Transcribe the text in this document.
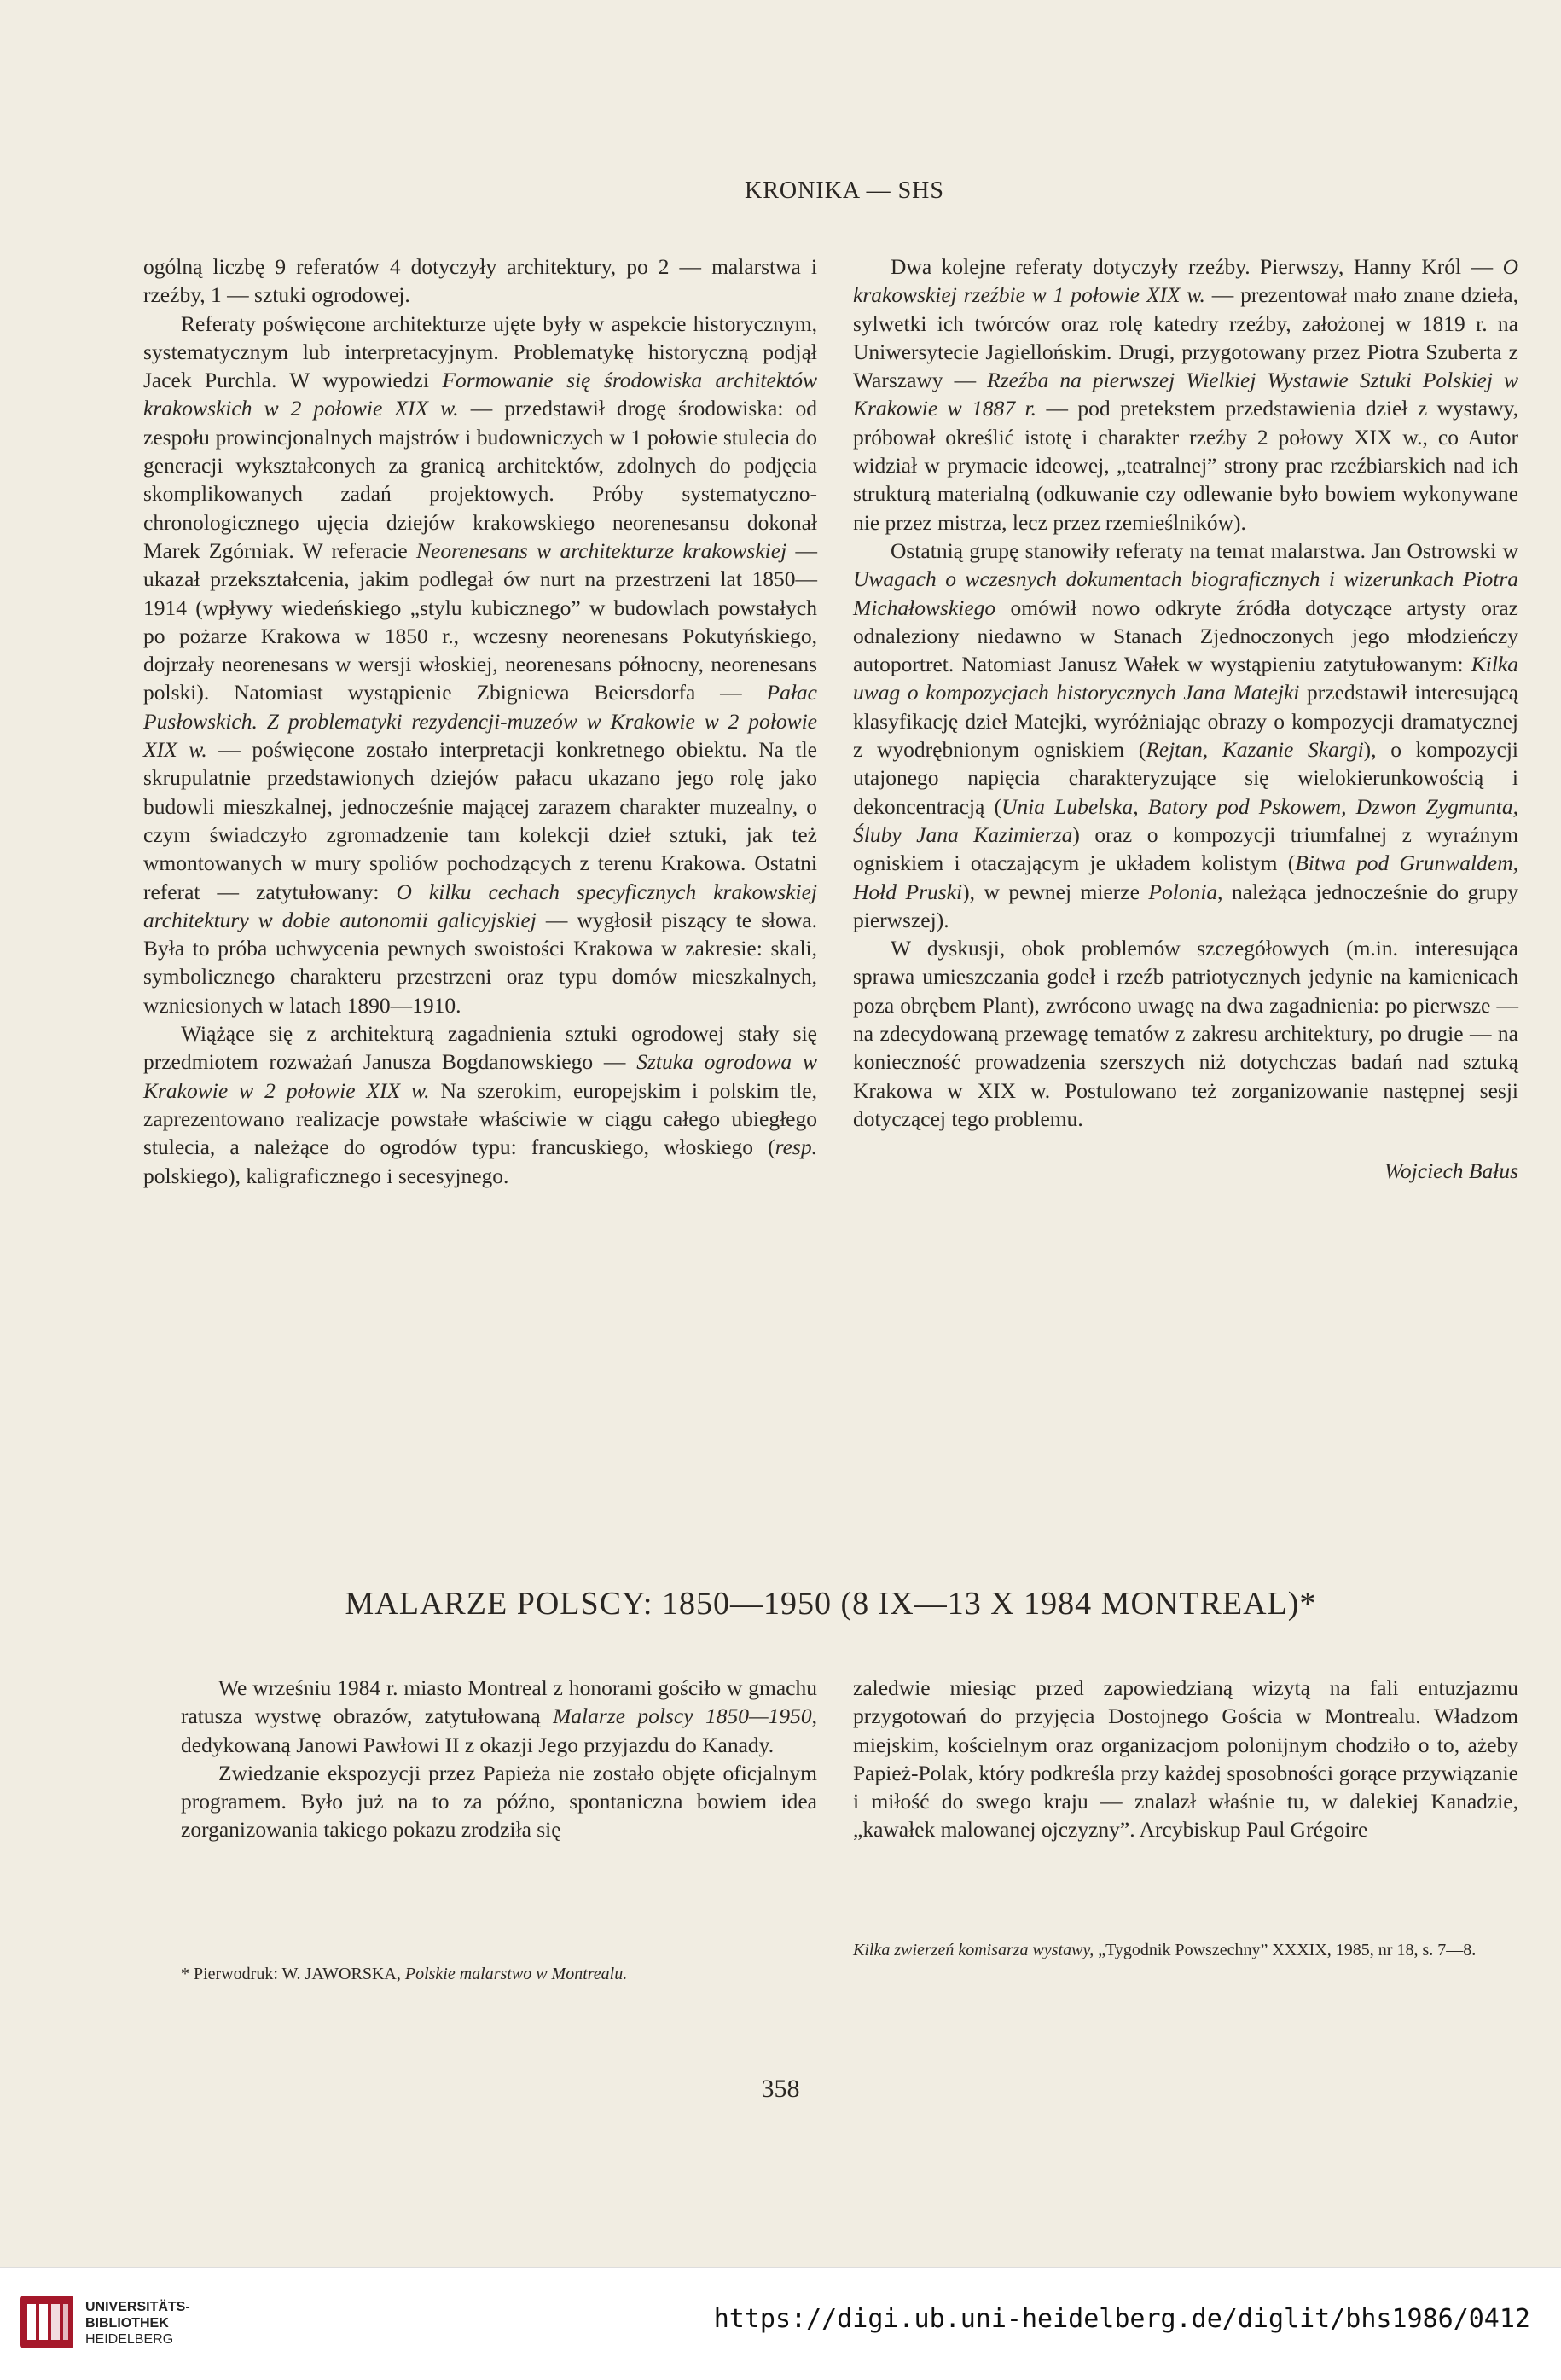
KRONIKA — SHS

ogólną liczbę 9 referatów 4 dotyczyły architektury, po 2 — malarstwa i rzeźby, 1 — sztuki ogrodowej.

Referaty poświęcone architekturze ujęte były w aspekcie historycznym, systematycznym lub interpretacyjnym. Problematykę historyczną podjął Jacek Purchla. W wypowiedzi Formowanie się środowiska architektów krakowskich w 2 połowie XIX w. — przedstawił drogę środowiska: od zespołu prowincjonalnych majstrów i budowniczych w 1 połowie stulecia do generacji wykształconych za granicą architektów, zdolnych do podjęcia skomplikowanych zadań projektowych. Próby systematyczno-chronologicznego ujęcia dziejów krakowskiego neorenesansu dokonał Marek Zgórniak. W referacie Neorenesans w architekturze krakowskiej — ukazał przekształcenia, jakim podlegał ów nurt na przestrzeni lat 1850—1914 (wpływy wiedeńskiego „stylu kubicznego” w budowlach powstałych po pożarze Krakowa w 1850 r., wczesny neorenesans Pokutyńskiego, dojrzały neorenesans w wersji włoskiej, neorenesans północny, neorenesans polski). Natomiast wystąpienie Zbigniewa Beiersdorfa — Pałac Pusłowskich. Z problematyki rezydencji-muzeów w Krakowie w 2 połowie XIX w. — poświęcone zostało interpretacji konkretnego obiektu. Na tle skrupulatnie przedstawionych dziejów pałacu ukazano jego rolę jako budowli mieszkalnej, jednocześnie mającej zarazem charakter muzealny, o czym świadczyło zgromadzenie tam kolekcji dzieł sztuki, jak też wmontowanych w mury spoliów pochodzących z terenu Krakowa. Ostatni referat — zatytułowany: O kilku cechach specyficznych krakowskiej architektury w dobie autonomii galicyjskiej — wygłosił piszący te słowa. Była to próba uchwycenia pewnych swoistości Krakowa w zakresie: skali, symbolicznego charakteru przestrzeni oraz typu domów mieszkalnych, wzniesionych w latach 1890—1910.

Wiążące się z architekturą zagadnienia sztuki ogrodowej stały się przedmiotem rozważań Janusza Bogdanowskiego — Sztuka ogrodowa w Krakowie w 2 połowie XIX w. Na szerokim, europejskim i polskim tle, zaprezentowano realizacje powstałe właściwie w ciągu całego ubiegłego stulecia, a należące do ogrodów typu: francuskiego, włoskiego (resp. polskiego), kaligraficznego i secesyjnego.

Dwa kolejne referaty dotyczyły rzeźby. Pierwszy, Hanny Król — O krakowskiej rzeźbie w 1 połowie XIX w. — prezentował mało znane dzieła, sylwetki ich twórców oraz rolę katedry rzeźby, założonej w 1819 r. na Uniwersytecie Jagiellońskim. Drugi, przygotowany przez Piotra Szuberta z Warszawy — Rzeźba na pierwszej Wielkiej Wystawie Sztuki Polskiej w Krakowie w 1887 r. — pod pretekstem przedstawienia dzieł z wystawy, próbował określić istotę i charakter rzeźby 2 połowy XIX w., co Autor widział w prymacie ideowej, „teatralnej” strony prac rzeźbiarskich nad ich strukturą materialną (odkuwanie czy odlewanie było bowiem wykonywane nie przez mistrza, lecz przez rzemieślników).

Ostatnią grupę stanowiły referaty na temat malarstwa. Jan Ostrowski w Uwagach o wczesnych dokumentach biograficznych i wizerunkach Piotra Michałowskiego omówił nowo odkryte źródła dotyczące artysty oraz odnaleziony niedawno w Stanach Zjednoczonych jego młodzieńczy autoportret. Natomiast Janusz Wałek w wystąpieniu zatytułowanym: Kilka uwag o kompozycjach historycznych Jana Matejki przedstawił interesującą klasyfikację dzieł Matejki, wyróżniając obrazy o kompozycji dramatycznej z wyodrębnionym ogniskiem (Rejtan, Kazanie Skargi), o kompozycji utajonego napięcia charakteryzujące się wielokierunkowością i dekoncentracją (Unia Lubelska, Batory pod Pskowem, Dzwon Zygmunta, Śluby Jana Kazimierza) oraz o kompozycji triumfalnej z wyraźnym ogniskiem i otaczającym je układem kolistym (Bitwa pod Grunwaldem, Hołd Pruski), w pewnej mierze Polonia, należąca jednocześnie do grupy pierwszej).

W dyskusji, obok problemów szczegółowych (m.in. interesująca sprawa umieszczania godeł i rzeźb patriotycznych jedynie na kamienicach poza obrębem Plant), zwrócono uwagę na dwa zagadnienia: po pierwsze — na zdecydowaną przewagę tematów z zakresu architektury, po drugie — na konieczność prowadzenia szerszych niż dotychczas badań nad sztuką Krakowa w XIX w. Postulowano też zorganizowanie następnej sesji dotyczącej tego problemu.

Wojciech Bałus

MALARZE POLSCY: 1850—1950 (8 IX—13 X 1984 MONTREAL)*

We wrześniu 1984 r. miasto Montreal z honorami gościło w gmachu ratusza wystwę obrazów, zatytułowaną Malarze polscy 1850—1950, dedykowaną Janowi Pawłowi II z okazji Jego przyjazdu do Kanady.

Zwiedzanie ekspozycji przez Papieża nie zostało objęte oficjalnym programem. Było już na to za późno, spontaniczna bowiem idea zorganizowania takiego pokazu zrodziła się

zaledwie miesiąc przed zapowiedzianą wizytą na fali entuzjazmu przygotowań do przyjęcia Dostojnego Gościa w Montrealu. Władzom miejskim, kościelnym oraz organizacjom polonijnym chodziło o to, ażeby Papież-Polak, który podkreśla przy każdej sposobności gorące przywiązanie i miłość do swego kraju — znalazł właśnie tu, w dalekiej Kanadzie, „kawałek malowanej ojczyzny”. Arcybiskup Paul Grégoire

* Pierwodruk: W. JAWORSKA, Polskie malarstwo w Montrealu.
Kilka zwierzeń komisarza wystawy, „Tygodnik Powszechny” XXXIX, 1985, nr 18, s. 7—8.
358
UNIVERSITÄTS-
BIBLIOTHEK
HEIDELBERG
https://digi.ub.uni-heidelberg.de/diglit/bhs1986/0412
